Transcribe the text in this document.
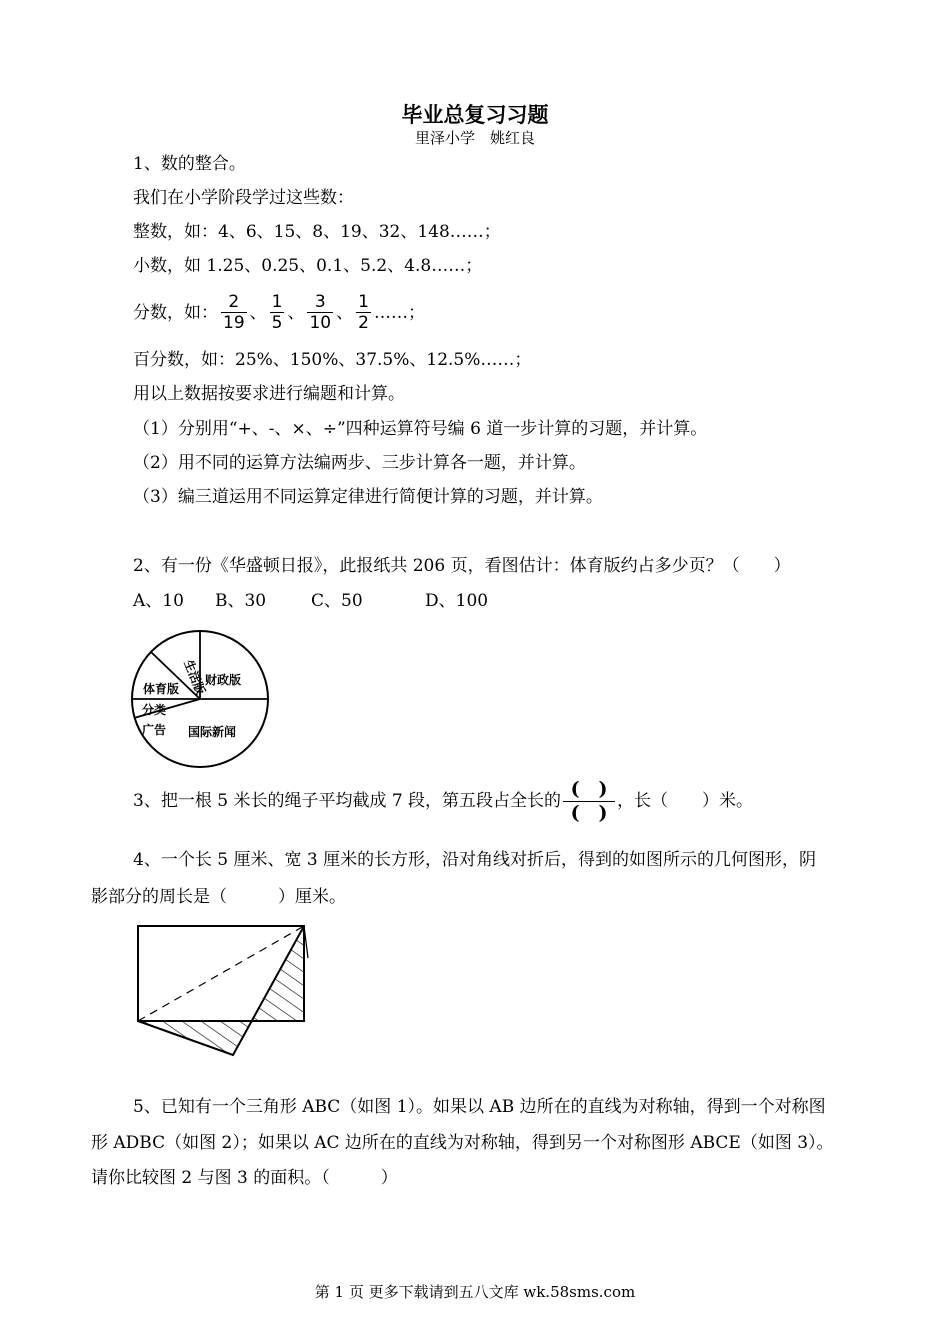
毕业总复习习题
里泽小学　姚红良
1、数的整合。
我们在小学阶段学过这些数：
整数，如：4、6、15、8、19、32、148……；
小数，如 1.25、0.25、0.1、5.2、4.8……；
分数，如： $\frac{2}{19}$ 、 $\frac{1}{5}$ 、 $\frac{3}{10}$ 、 $\frac{1}{2}$ ……；
百分数，如：25%、150%、37.5%、12.5%……；
用以上数据按要求进行编题和计算。
（1）分别用“+、-、×、÷”四种运算符号编 6 道一步计算的习题，并计算。
（2）用不同的运算方法编两步、三步计算各一题，并计算。
（3）编三道运用不同运算定律进行简便计算的习题，并计算。
2、有一份《华盛顿日报》，此报纸共 206 页，看图估计：体育版约占多少页？（　　）
A、10 B、30	C、50	D、100
生活版
财政版
体育版
分类
广告 国际新闻
3、把一根 5 米长的绳子平均截成 7 段，第五段占全长的 $\frac{( )}{( )}$ ，长（　　）米。
4、一个长 5 厘米、宽 3 厘米的长方形，沿对角线对折后，得到的如图所示的几何图形，阴
影部分的周长是（　　　）厘米。
5、已知有一个三角形 ABC（如图 1）。如果以 AB 边所在的直线为对称轴，得到一个对称图
形 ADBC（如图 2）；如果以 AC 边所在的直线为对称轴，得到另一个对称图形 ABCE（如图 3）。
请你比较图 2 与图 3 的面积。（　　　）
第 1 页 更多下载请到五八文库 wk.58sms.com
